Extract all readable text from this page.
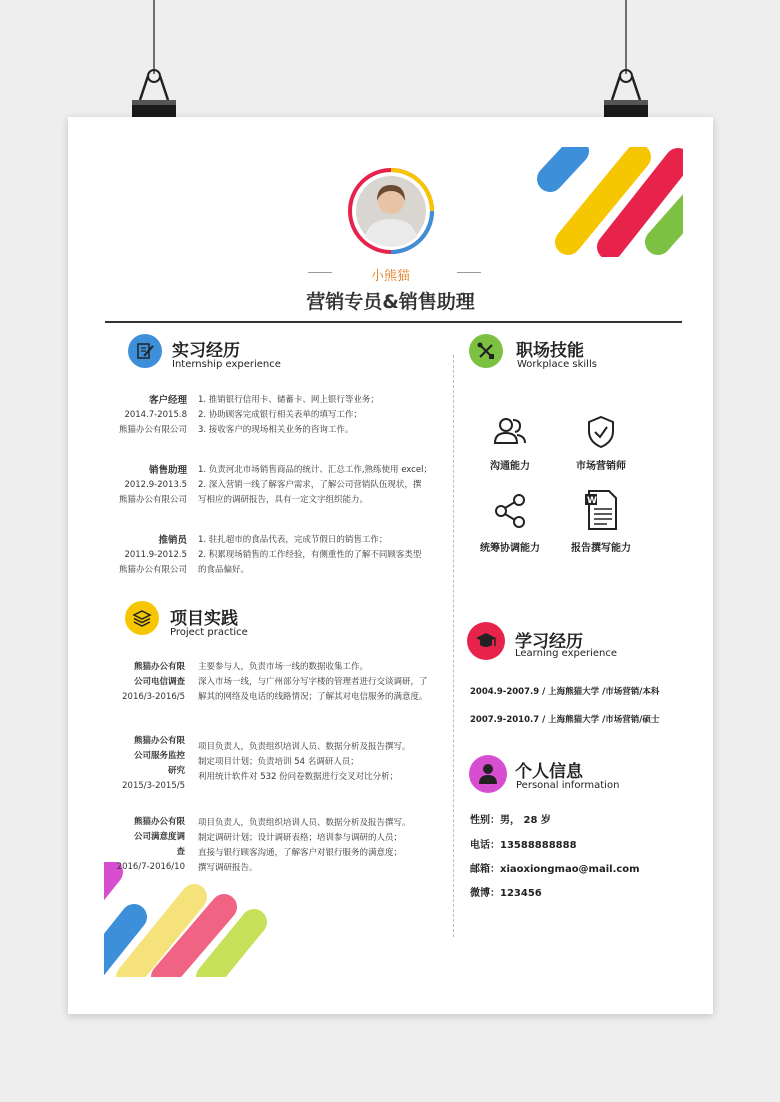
小熊猫
营销专员&销售助理
实习经历
Internship experience
客户经理
2014.7-2015.8
熊猫办公有限公司
1. 推销银行信用卡、储蓄卡、网上银行等业务；
2. 协助顾客完成银行相关表单的填写工作；
3. 接收客户的现场相关业务的咨询工作。
销售助理
2012.9-2013.5
熊猫办公有限公司
1. 负责河北市场销售商品的统计、汇总工作,熟练使用 excel；
2. 深入营销一线了解客户需求，了解公司营销队伍现状，撰
写相应的调研报告，具有一定文字组织能力。
推销员
2011.9-2012.5
熊猫办公有限公司
1. 驻扎超市的食品代表，完成节假日的销售工作；
2. 积累现场销售的工作经验，有侧重性的了解不同顾客类型
的食品偏好。
项目实践
Project practice
熊猫办公有限
公司电信调查
2016/3-2016/5
主要参与人，负责市场一线的数据收集工作。
深入市场一线，与广州部分写字楼的管理者进行交谈调研，了
解其的网络及电话的线路情况；了解其对电信服务的满意度。
熊猫办公有限
公司服务监控
研究
2015/3-2015/5
项目负责人，负责组织培训人员、数据分析及报告撰写。
制定项目计划；负责培训 54 名调研人员；
利用统计软件对 532 份问卷数据进行交叉对比分析；
熊猫办公有限
公司满意度调
查
2016/7-2016/10
项目负责人，负责组织培训人员、数据分析及报告撰写。
制定调研计划；设计调研表格；培训参与调研的人员；
直接与银行顾客沟通，了解客户对银行服务的满意度；
撰写调研报告。
职场技能
Workplace skills
沟通能力	市场营销师
统筹协调能力
W
报告撰写能力
学习经历
Learning experience
2004.9-2007.9 / 上海熊猫大学 /市场营销/本科
2007.9-2010.7 / 上海熊猫大学 /市场营销/硕士
个人信息
Personal information
性别：男， 28 岁
电话：13588888888
邮箱：xiaoxiongmao@mail.com
微博：123456
